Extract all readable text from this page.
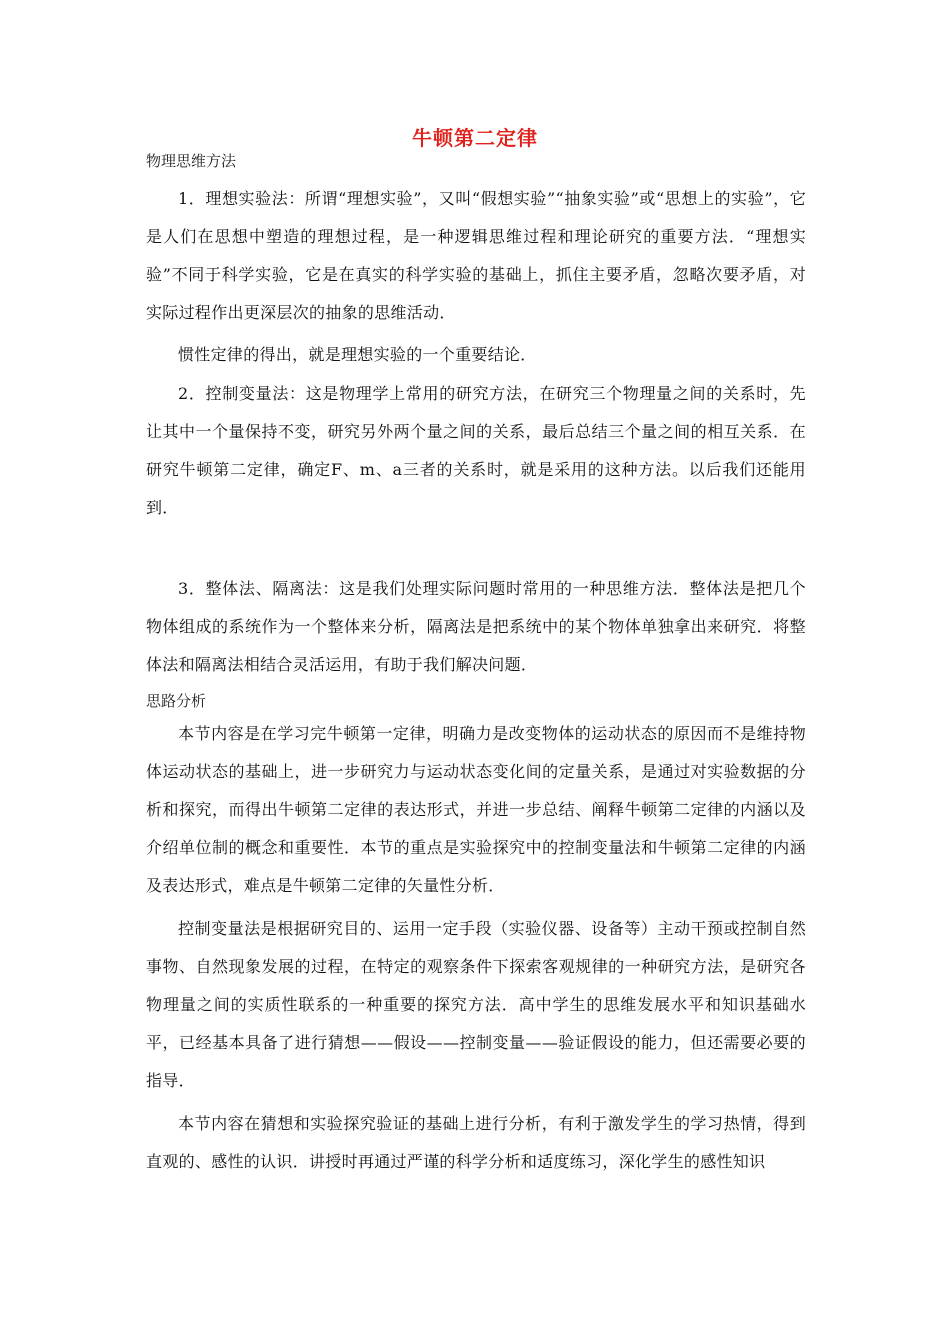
牛顿第二定律
物理思维方法
1．理想实验法：所谓“理想实验”，又叫“假想实验”“抽象实验”或“思想上的实验”，它是人们在思想中塑造的理想过程，是一种逻辑思维过程和理论研究的重要方法．“理想实验”不同于科学实验，它是在真实的科学实验的基础上，抓住主要矛盾，忽略次要矛盾，对实际过程作出更深层次的抽象的思维活动．
惯性定律的得出，就是理想实验的一个重要结论．
2．控制变量法：这是物理学上常用的研究方法，在研究三个物理量之间的关系时，先让其中一个量保持不变，研究另外两个量之间的关系，最后总结三个量之间的相互关系．在研究牛顿第二定律，确定F、m、a三者的关系时，就是采用的这种方法。以后我们还能用到．
3．整体法、隔离法：这是我们处理实际问题时常用的一种思维方法．整体法是把几个物体组成的系统作为一个整体来分析，隔离法是把系统中的某个物体单独拿出来研究．将整体法和隔离法相结合灵活运用，有助于我们解决问题．
思路分析
本节内容是在学习完牛顿第一定律，明确力是改变物体的运动状态的原因而不是维持物体运动状态的基础上，进一步研究力与运动状态变化间的定量关系，是通过对实验数据的分析和探究，而得出牛顿第二定律的表达形式，并进一步总结、阐释牛顿第二定律的内涵以及介绍单位制的概念和重要性．本节的重点是实验探究中的控制变量法和牛顿第二定律的内涵及表达形式，难点是牛顿第二定律的矢量性分析．
控制变量法是根据研究目的、运用一定手段（实验仪器、设备等）主动干预或控制自然事物、自然现象发展的过程，在特定的观察条件下探索客观规律的一种研究方法，是研究各物理量之间的实质性联系的一种重要的探究方法．高中学生的思维发展水平和知识基础水平，已经基本具备了进行猜想——假设——控制变量——验证假设的能力，但还需要必要的指导．
本节内容在猜想和实验探究验证的基础上进行分析，有利于激发学生的学习热情，得到直观的、感性的认识．讲授时再通过严谨的科学分析和适度练习，深化学生的感性知识
